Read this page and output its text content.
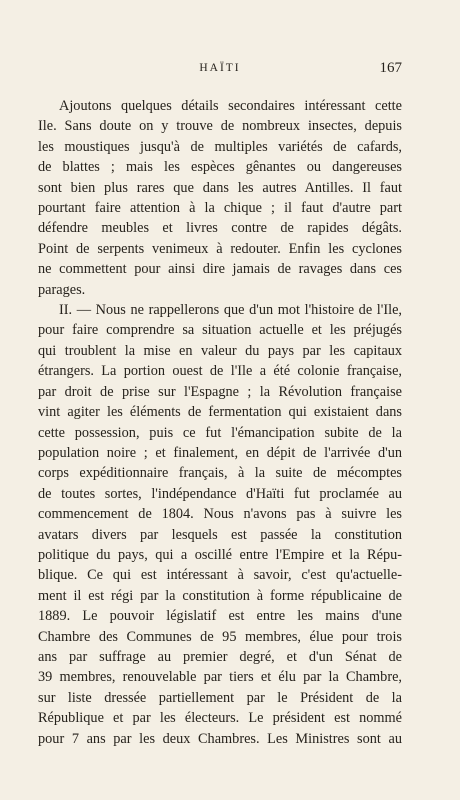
HAÏTI	167

Ajoutons quelques détails secondaires intéressant cette
Ile. Sans doute on y trouve de nombreux insectes, depuis
les moustiques jusqu'à de multiples variétés de cafards,
de blattes ; mais les espèces gênantes ou dangereuses
sont bien plus rares que dans les autres Antilles. Il faut
pourtant faire attention à la chique ; il faut d'autre part
défendre meubles et livres contre de rapides dégâts.
Point de serpents venimeux à redouter. Enfin les cyclones
ne commettent pour ainsi dire jamais de ravages dans ces
parages.

II. — Nous ne rappellerons que d'un mot l'histoire de l'Ile,
pour faire comprendre sa situation actuelle et les préjugés
qui troublent la mise en valeur du pays par les capitaux
étrangers. La portion ouest de l'Ile a été colonie française,
par droit de prise sur l'Espagne ; la Révolution française
vint agiter les éléments de fermentation qui existaient dans
cette possession, puis ce fut l'émancipation subite de la
population noire ; et finalement, en dépit de l'arrivée d'un
corps expéditionnaire français, à la suite de mécomptes
de toutes sortes, l'indépendance d'Haïti fut proclamée au
commencement de 1804. Nous n'avons pas à suivre les
avatars divers par lesquels est passée la constitution
politique du pays, qui a oscillé entre l'Empire et la Répu-
blique. Ce qui est intéressant à savoir, c'est qu'actuelle-
ment il est régi par la constitution à forme républicaine de
1889. Le pouvoir législatif est entre les mains d'une
Chambre des Communes de 95 membres, élue pour trois
ans par suffrage au premier degré, et d'un Sénat de
39 membres, renouvelable par tiers et élu par la Chambre,
sur liste dressée partiellement par le Président de la
République et par les électeurs. Le président est nommé
pour 7 ans par les deux Chambres. Les Ministres sont au
